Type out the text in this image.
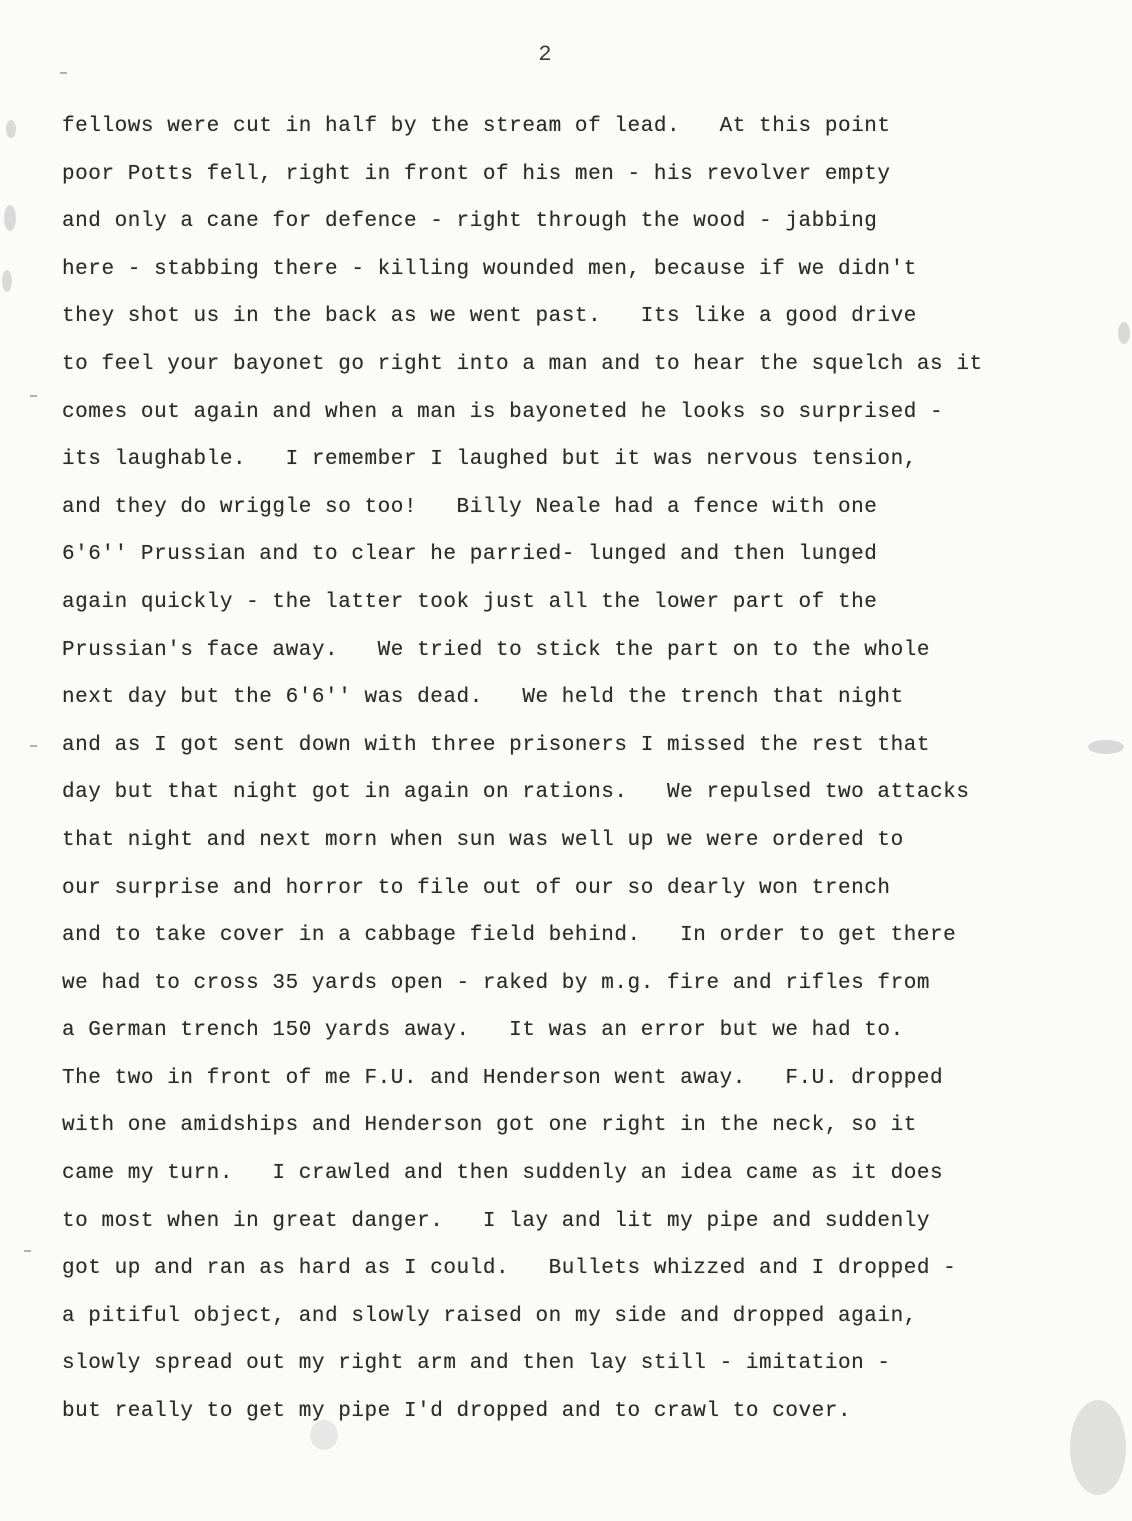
2
fellows were cut in half by the stream of lead.   At this point
poor Potts fell, right in front of his men - his revolver empty
and only a cane for defence - right through the wood - jabbing
here - stabbing there - killing wounded men, because if we didn't
they shot us in the back as we went past.   Its like a good drive
to feel your bayonet go right into a man and to hear the squelch as it
comes out again and when a man is bayoneted he looks so surprised -
its laughable.   I remember I laughed but it was nervous tension,
and they do wriggle so too!   Billy Neale had a fence with one
6'6'' Prussian and to clear he parried- lunged and then lunged
again quickly - the latter took just all the lower part of the
Prussian's face away.   We tried to stick the part on to the whole
next day but the 6'6'' was dead.   We held the trench that night
and as I got sent down with three prisoners I missed the rest that
day but that night got in again on rations.   We repulsed two attacks
that night and next morn when sun was well up we were ordered to
our surprise and horror to file out of our so dearly won trench
and to take cover in a cabbage field behind.   In order to get there
we had to cross 35 yards open - raked by m.g. fire and rifles from
a German trench 150 yards away.   It was an error but we had to.
The two in front of me F.U. and Henderson went away.   F.U. dropped
with one amidships and Henderson got one right in the neck, so it
came my turn.   I crawled and then suddenly an idea came as it does
to most when in great danger.   I lay and lit my pipe and suddenly
got up and ran as hard as I could.   Bullets whizzed and I dropped -
a pitiful object, and slowly raised on my side and dropped again,
slowly spread out my right arm and then lay still - imitation -
but really to get my pipe I'd dropped and to crawl to cover.
